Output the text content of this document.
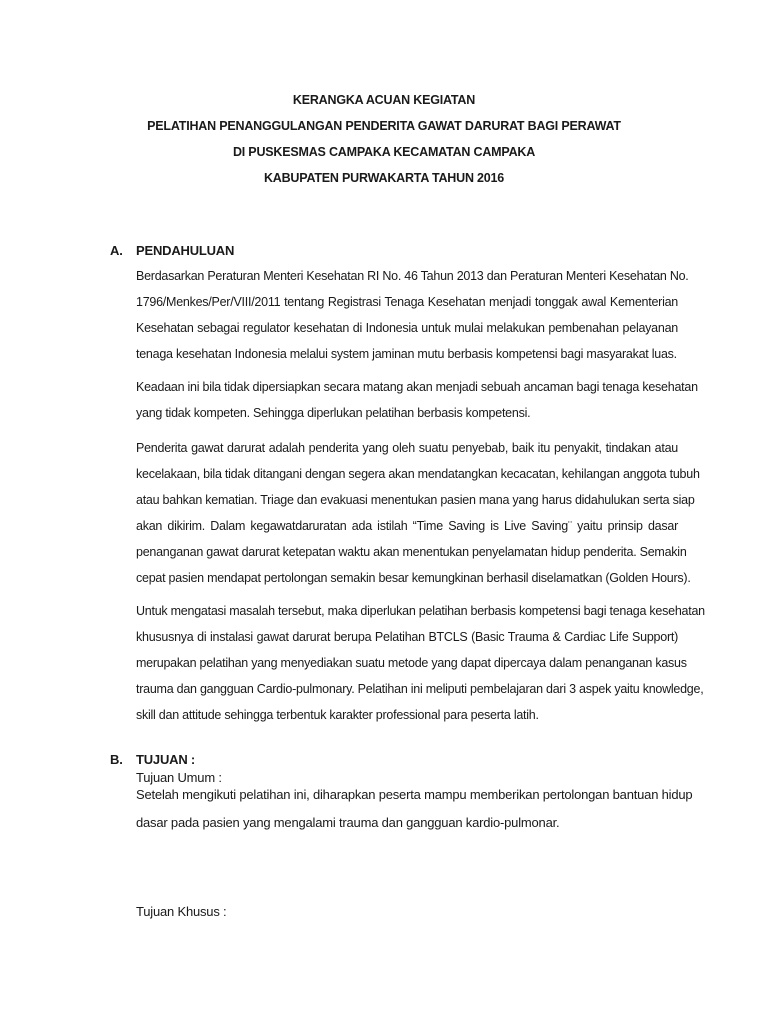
KERANGKA ACUAN KEGIATAN
PELATIHAN PENANGGULANGAN PENDERITA GAWAT DARURAT BAGI PERAWAT
DI PUSKESMAS CAMPAKA KECAMATAN CAMPAKA
KABUPATEN PURWAKARTA TAHUN 2016
A. PENDAHULUAN
Berdasarkan Peraturan Menteri Kesehatan RI No. 46 Tahun 2013 dan Peraturan Menteri Kesehatan No.
1796/Menkes/Per/VIII/2011 tentang Registrasi Tenaga Kesehatan menjadi tonggak awal Kementerian
Kesehatan sebagai regulator kesehatan di Indonesia untuk mulai melakukan pembenahan pelayanan
tenaga kesehatan Indonesia melalui system jaminan mutu berbasis kompetensi bagi masyarakat luas.
Keadaan ini bila tidak dipersiapkan secara matang akan menjadi sebuah ancaman bagi tenaga kesehatan
yang tidak kompeten. Sehingga diperlukan pelatihan berbasis kompetensi.
Penderita gawat darurat adalah penderita yang oleh suatu penyebab, baik itu penyakit, tindakan atau
kecelakaan, bila tidak ditangani dengan segera akan mendatangkan kecacatan, kehilangan anggota tubuh
atau bahkan kematian. Triage dan evakuasi menentukan pasien mana yang harus didahulukan serta siap
akan dikirim. Dalam kegawatdaruratan ada istilah “Time Saving is Live Saving¨ yaitu prinsip dasar
penanganan gawat darurat ketepatan waktu akan menentukan penyelamatan hidup penderita. Semakin
cepat pasien mendapat pertolongan semakin besar kemungkinan berhasil diselamatkan (Golden Hours).
Untuk mengatasi masalah tersebut, maka diperlukan pelatihan berbasis kompetensi bagi tenaga kesehatan
khususnya di instalasi gawat darurat berupa Pelatihan BTCLS (Basic Trauma & Cardiac Life Support)
merupakan pelatihan yang menyediakan suatu metode yang dapat dipercaya dalam penanganan kasus
trauma dan gangguan Cardio-pulmonary. Pelatihan ini meliputi pembelajaran dari 3 aspek yaitu knowledge,
skill dan attitude sehingga terbentuk karakter professional para peserta latih.
B. TUJUAN :
Tujuan Umum :
Setelah mengikuti pelatihan ini, diharapkan peserta mampu memberikan pertolongan bantuan hidup
dasar pada pasien yang mengalami trauma dan gangguan kardio-pulmonar.
Tujuan Khusus :
